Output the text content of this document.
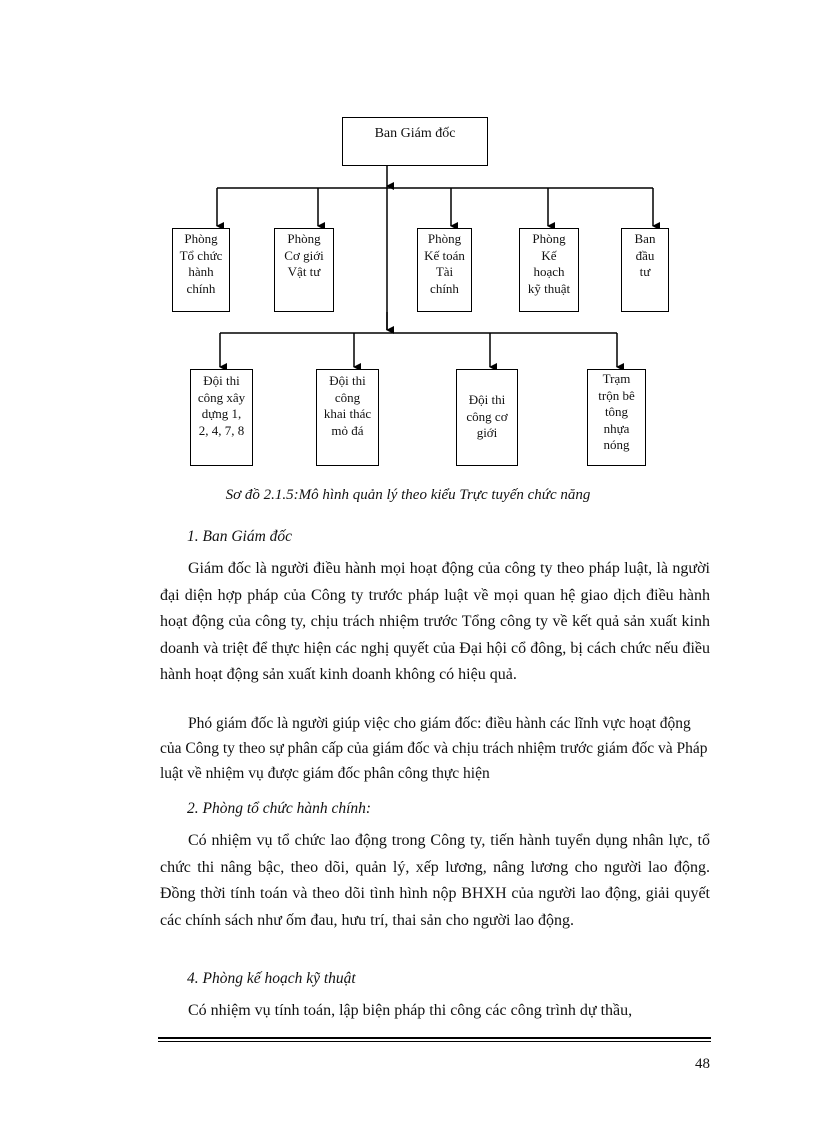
Ban Giám đốc
Phòng
Tổ chức
hành
chính
Phòng
Cơ giới
Vật tư
Phòng
Kế toán
Tài
chính
Phòng
Kế
hoạch
kỹ thuật
Ban
đầu
tư
Đội thi
công xây
dựng 1,
2, 4, 7, 8
Đội thi
công
khai thác
mỏ đá
Đội thi
công cơ
giới
Trạm
trộn bê
tông
nhựa
nóng
Sơ đồ 2.1.5:Mô hình quản lý theo kiểu Trực tuyến chức năng
1. Ban Giám đốc
Giám đốc là người điều hành mọi hoạt động của công ty theo pháp luật, là người đại diện hợp pháp của Công ty trước pháp luật về mọi quan hệ giao dịch điều hành hoạt động của công ty, chịu trách nhiệm trước Tổng công ty về kết quả sản xuất kinh doanh và triệt để thực hiện các nghị quyết của Đại hội cổ đông, bị cách chức nếu điều hành hoạt động sản xuất kinh doanh không có hiệu quả.
Phó giám đốc là người giúp việc cho giám đốc: điều hành các lĩnh vực hoạt động của Công ty theo sự phân cấp của giám đốc và chịu trách nhiệm trước giám đốc và Pháp luật về nhiệm vụ được giám đốc phân công thực hiện
2. Phòng tổ chức hành chính:
Có nhiệm vụ tổ chức lao động trong Công ty, tiến hành tuyển dụng nhân lực, tổ chức thi nâng bậc, theo dõi, quản lý, xếp lương, nâng lương cho người lao động. Đồng thời tính toán và theo dõi tình hình nộp BHXH của người lao động, giải quyết các chính sách như ốm đau, hưu trí, thai sản cho người lao động.
4. Phòng kế hoạch kỹ thuật
Có nhiệm vụ tính toán, lập biện pháp thi công các công trình dự thầu,
48
